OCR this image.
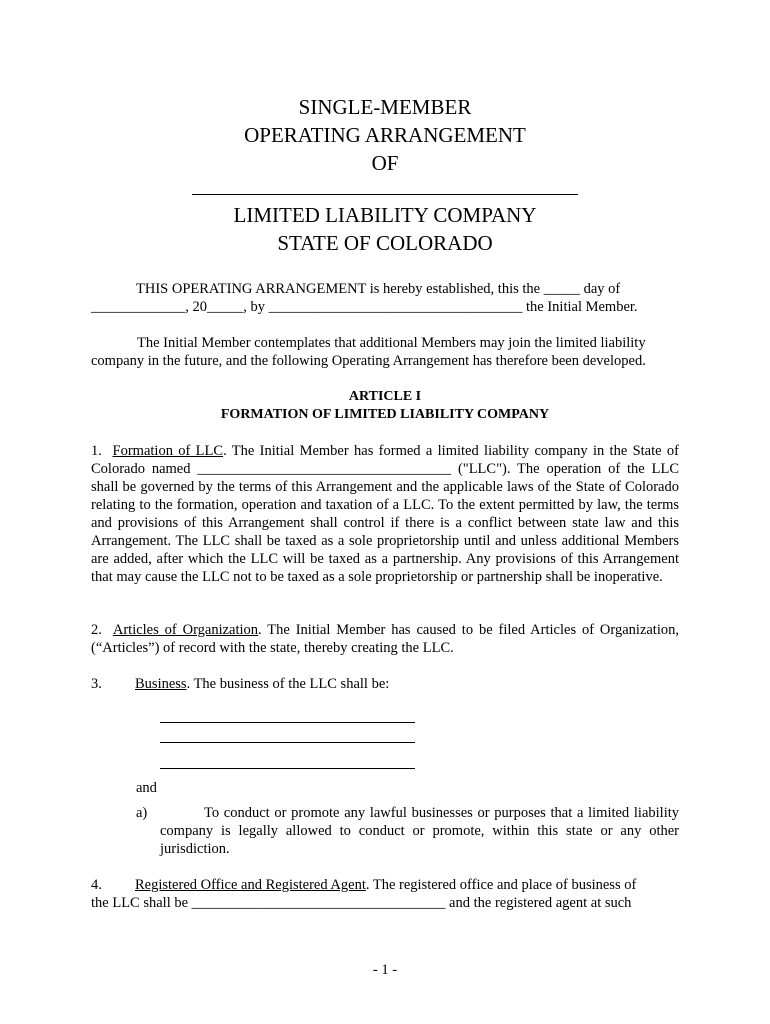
SINGLE-MEMBER
OPERATING ARRANGEMENT
OF
LIMITED LIABILITY COMPANY
STATE OF COLORADO
THIS OPERATING ARRANGEMENT is hereby established, this the _____ day of
_____________, 20_____, by ___________________________________ the Initial Member.
The Initial Member contemplates that additional Members may join the limited liability
company in the future, and the following Operating Arrangement has therefore been developed.
ARTICLE I
FORMATION OF LIMITED LIABILITY COMPANY
1. Formation of LLC. The Initial Member has formed a limited liability company in the State of Colorado named ___________________________________ ("LLC"). The operation of the LLC shall be governed by the terms of this Arrangement and the applicable laws of the State of Colorado relating to the formation, operation and taxation of a LLC. To the extent permitted by law, the terms and provisions of this Arrangement shall control if there is a conflict between state law and this Arrangement. The LLC shall be taxed as a sole proprietorship until and unless additional Members are added, after which the LLC will be taxed as a partnership. Any provisions of this Arrangement that may cause the LLC not to be taxed as a sole proprietorship or partnership shall be inoperative.
2. Articles of Organization. The Initial Member has caused to be filed Articles of Organization, (“Articles”) of record with the state, thereby creating the LLC.
3. Business. The business of the LLC shall be:
and
a)	To conduct or promote any lawful businesses or purposes that a limited liability company is legally allowed to conduct or promote, within this state or any other jurisdiction.
4. Registered Office and Registered Agent. The registered office and place of business of
the LLC shall be ___________________________________ and the registered agent at such
- 1 -
